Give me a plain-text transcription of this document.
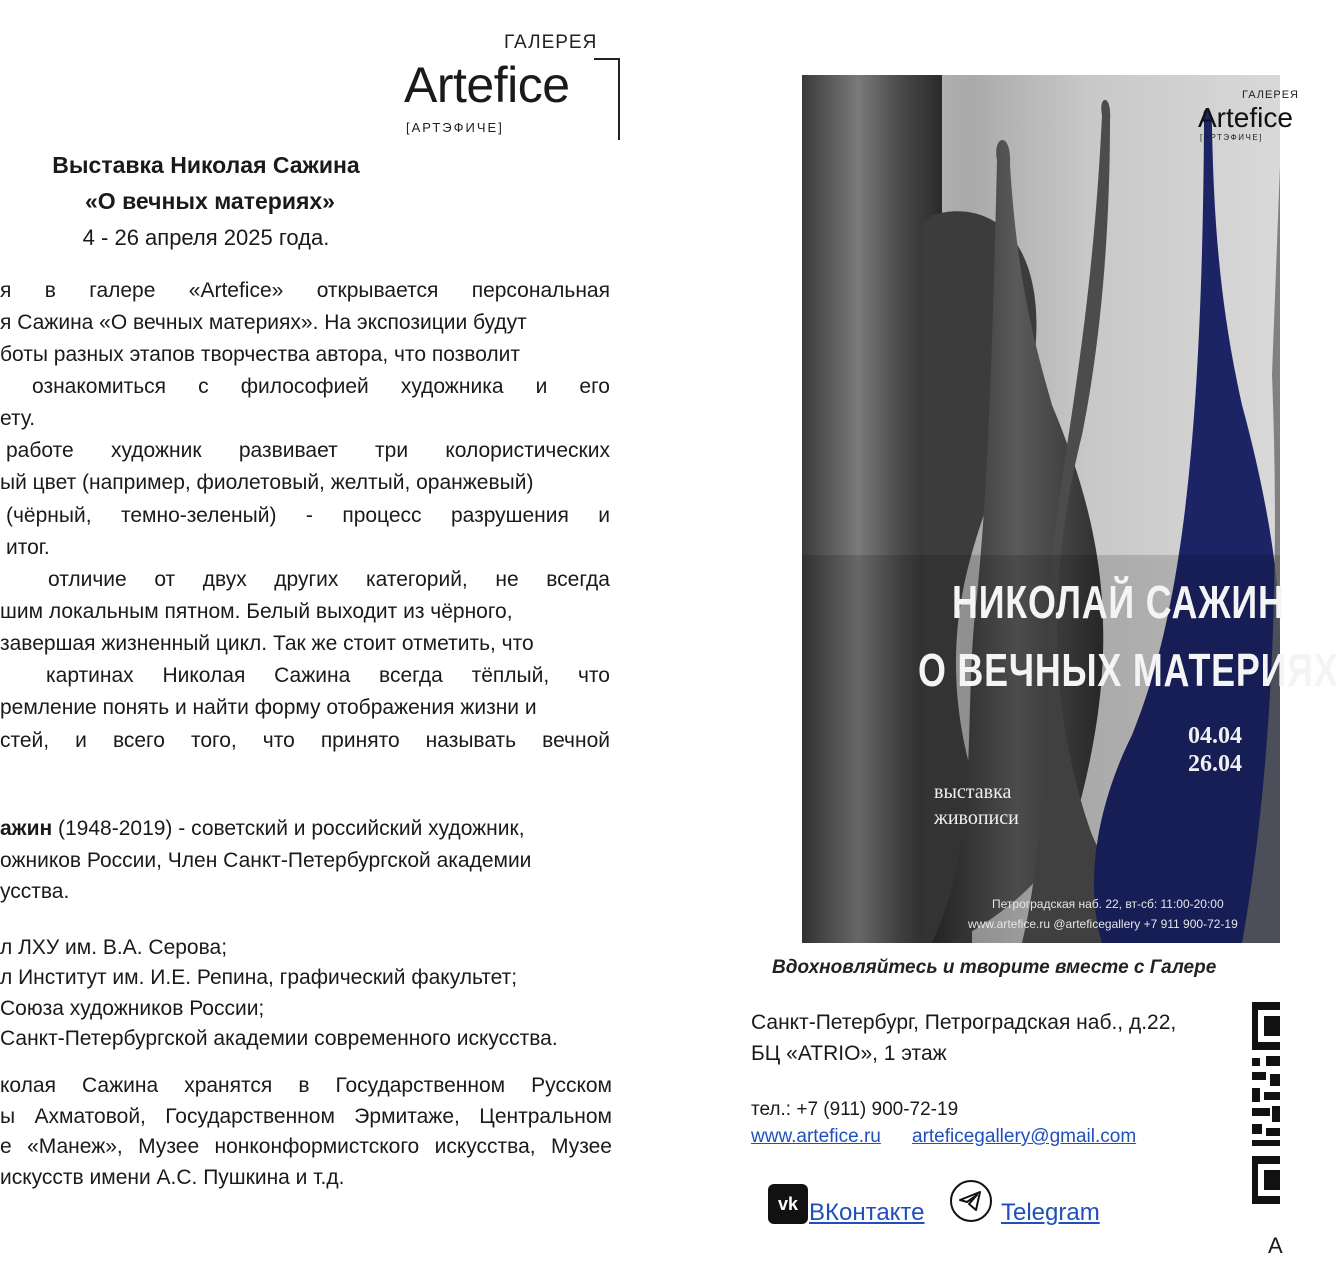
ГАЛЕРЕЯ
Artefice
[АРТЭФИЧЕ]
Выставка Николая Сажина
«О вечных материях»
4 - 26 апреля 2025 года.
я в галере «Artefice» открывается персональная
я Сажина «О вечных материях». На экспозиции будут
боты разных этапов творчества автора, что позволит
ознакомиться с философией художника и его
ету.
работе художник развивает три колористических
ый цвет (например, фиолетовый, желтый, оранжевый)
(чёрный, темно-зеленый) - процесс разрушения и
итог.
отличие от двух других категорий, не всегда
шим локальным пятном. Белый выходит из чёрного,
завершая жизненный цикл. Так же стоит отметить, что
картинах Николая Сажина всегда тёплый, что
ремление понять и найти форму отображения жизни и
стей, и всего того, что принято называть вечной
ажин (1948-2019) - советский и российский художник,
ожников России, Член Санкт-Петербургской академии
усства.
л ЛХУ им. В.А. Серова;
л Институт им. И.Е. Репина, графический факультет;
Союза художников России;
Санкт-Петербургской академии современного искусства.
колая Сажина хранятся в Государственном Русском
ы Ахматовой, Государственном Эрмитаже, Центральном
е «Манеж», Музее нонконформистского искусства, Музее
искусств имени А.С. Пушкина и т.д.
ГАЛЕРЕЯ
Artefice
[АРТЭФИЧЕ]
НИКОЛАЙ САЖИН
О ВЕЧНЫХ МАТЕРИЯХ
04.04
26.04
выставка
живописи
Петроградская наб. 22, вт-сб: 11:00-20:00
www.artefice.ru @arteficegallery +7 911 900-72-19
Вдохновляйтесь и творите вместе с Галере
Санкт-Петербург, Петроградская наб., д.22,
БЦ «ATRIO», 1 этаж
тел.: +7 (911) 900-72-19
www.artefice.ru arteficegallery@gmail.com
vk ВКонтакте	Telegram
А
